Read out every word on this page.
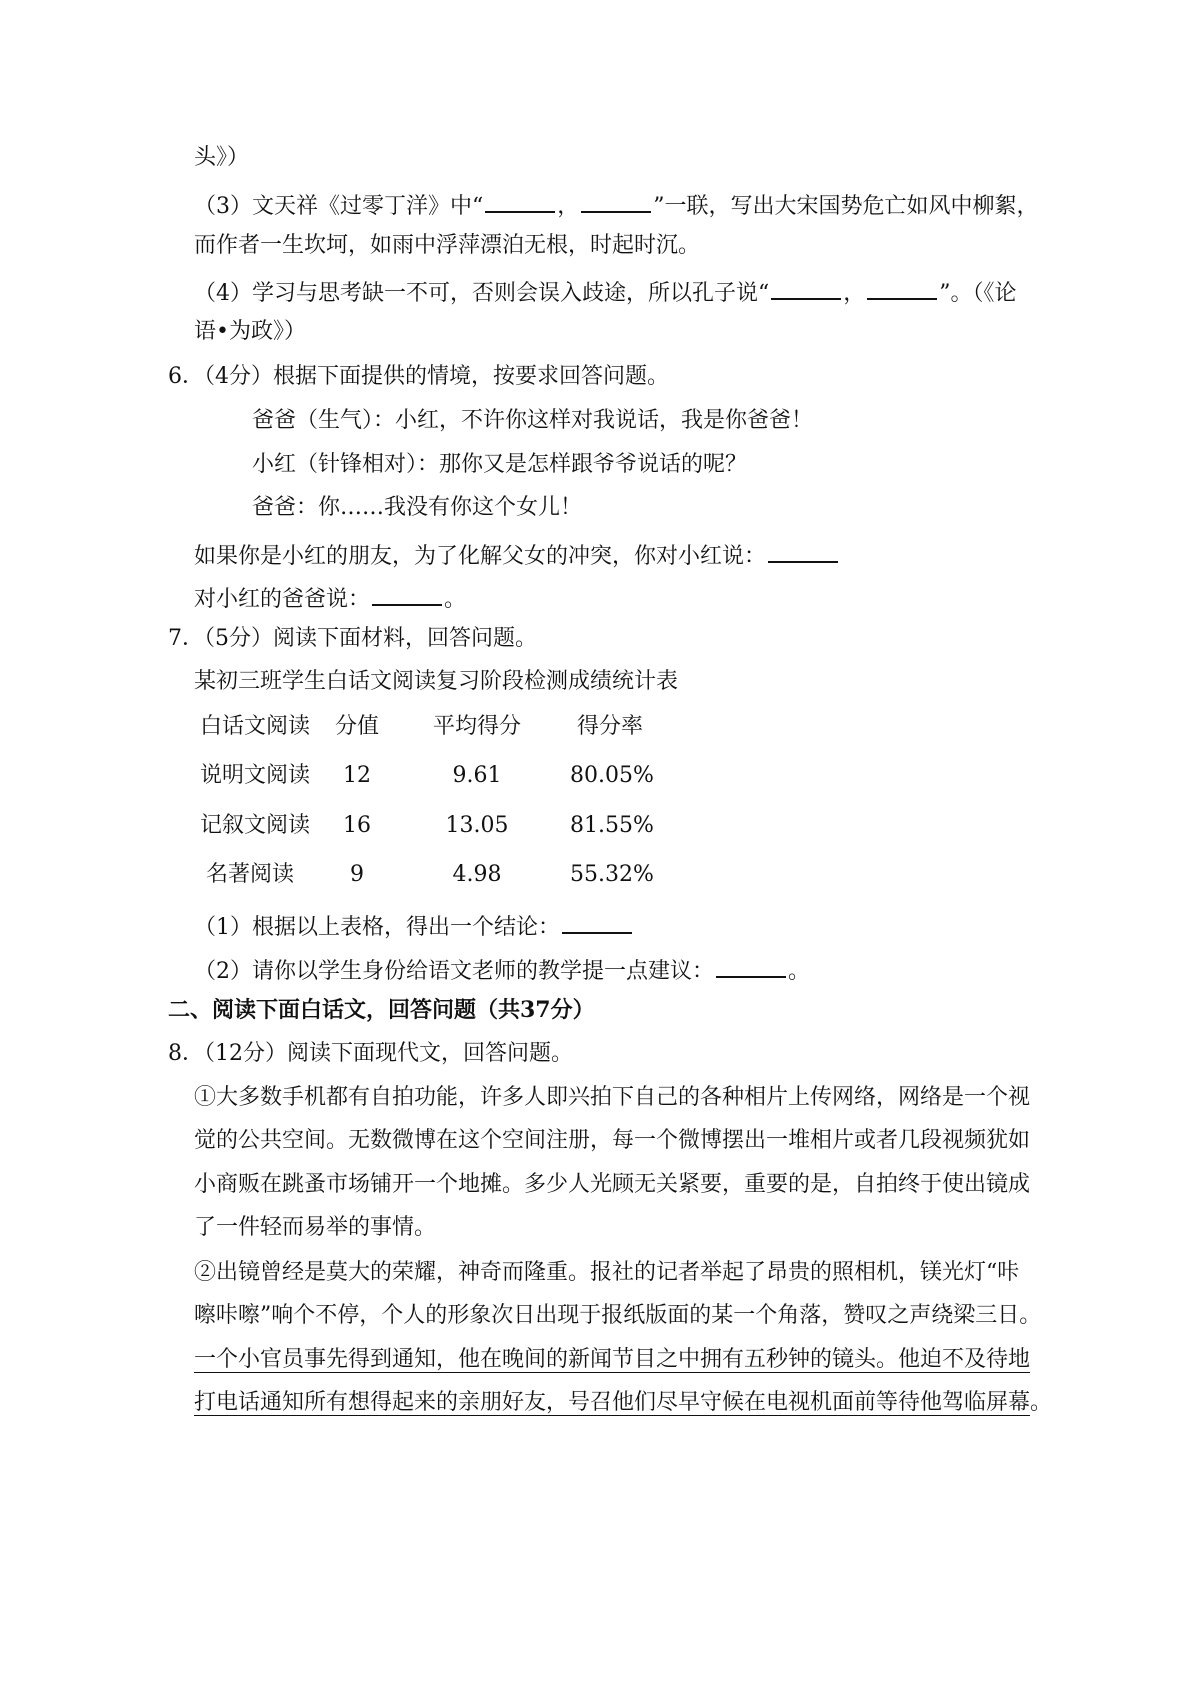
头》）
（3）文天祥《过零丁洋》中“	，	”一联，写出大宋国势危亡如风中柳絮，
而作者一生坎坷，如雨中浮萍漂泊无根，时起时沉。
（4）学习与思考缺一不可，否则会误入歧途，所以孔子说“	，	”。（《论
语•为政》）
6．（4分）根据下面提供的情境，按要求回答问题。
爸爸（生气）：小红，不许你这样对我说话，我是你爸爸！
小红（针锋相对）：那你又是怎样跟爷爷说话的呢？
爸爸：你……我没有你这个女儿！
如果你是小红的朋友，为了化解父女的冲突，你对小红说：
对小红的爸爸说：	。
7．（5分）阅读下面材料，回答问题。
某初三班学生白话文阅读复习阶段检测成绩统计表
白话文阅读	分值	平均得分	得分率
说明文阅读	12	9.61	80.05%
记叙文阅读	16	13.05	81.55%
名著阅读	9	4.98	55.32%
（1）根据以上表格，得出一个结论：
（2）请你以学生身份给语文老师的教学提一点建议：	。
二、阅读下面白话文，回答问题（共37分）
8．（12分）阅读下面现代文，回答问题。
①大多数手机都有自拍功能，许多人即兴拍下自己的各种相片上传网络，网络是一个视
觉的公共空间。无数微博在这个空间注册，每一个微博摆出一堆相片或者几段视频犹如
小商贩在跳蚤市场铺开一个地摊。多少人光顾无关紧要，重要的是，自拍终于使出镜成
了一件轻而易举的事情。
②出镜曾经是莫大的荣耀，神奇而隆重。报社的记者举起了昂贵的照相机，镁光灯“咔
嚓咔嚓”响个不停，个人的形象次日出现于报纸版面的某一个角落，赞叹之声绕梁三日。
一个小官员事先得到通知，他在晚间的新闻节目之中拥有五秒钟的镜头。他迫不及待地
打电话通知所有想得起来的亲朋好友，号召他们尽早守候在电视机面前等待他驾临屏幕。
